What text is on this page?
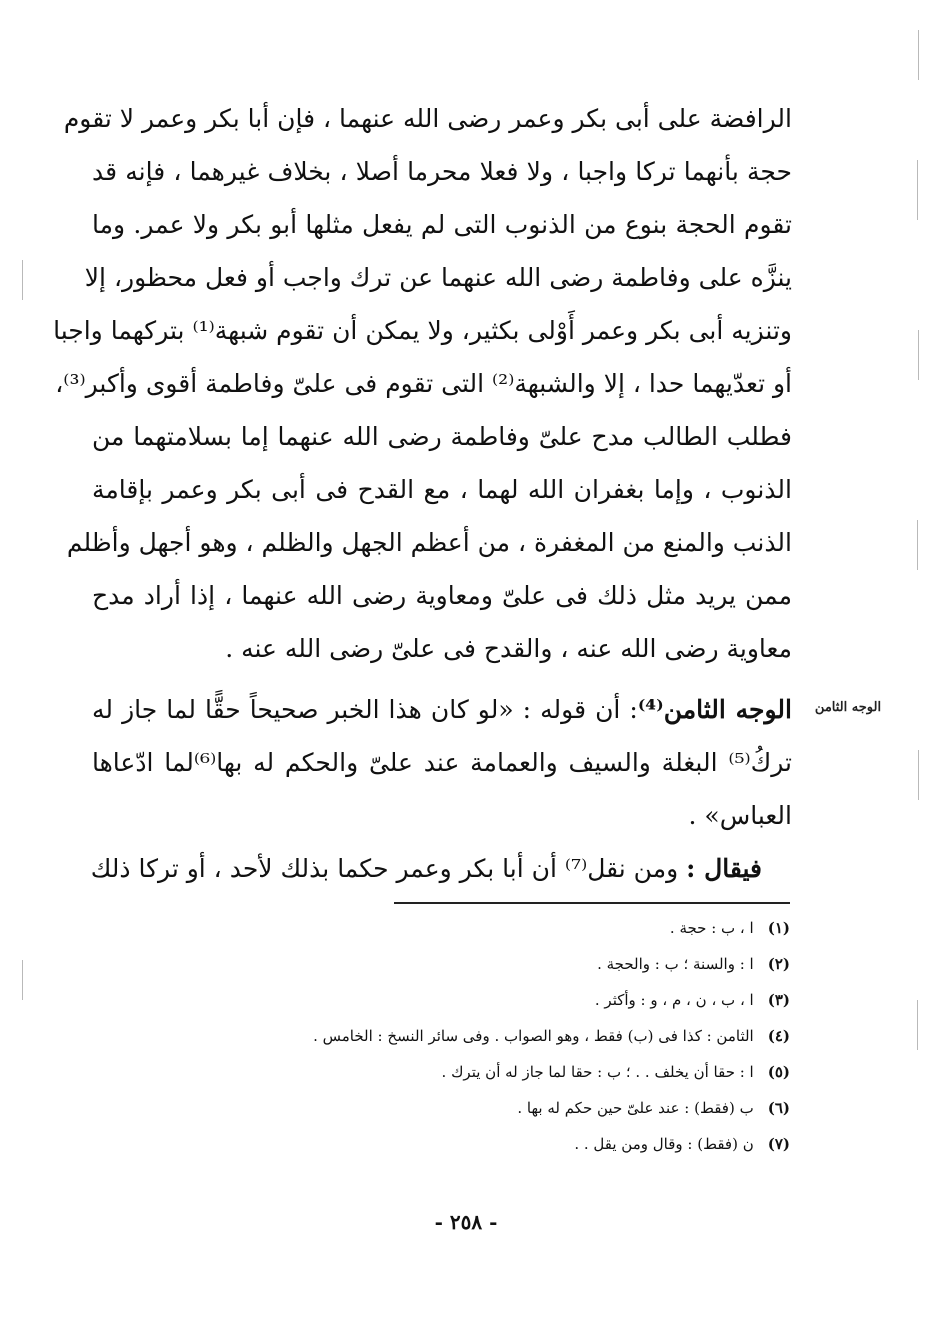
الرافضة على أبى بكر وعمر رضى الله عنهما ، فإن أبا بكر وعمر لا تقوم
حجة بأنهما تركا واجبا ، ولا فعلا محرما أصلا ، بخلاف غيرهما ، فإنه قد
تقوم الحجة بنوع من الذنوب التى لم يفعل مثلها أبو بكر ولا عمر. وما
ينزَّه على وفاطمة رضى الله عنهما عن ترك واجب أو فعل محظور، إلا
وتنزيه أبى بكر وعمر أَوْلى بكثير، ولا يمكن أن تقوم شبهة⁽¹⁾ بتركهما واجبا
أو تعدّيهما حدا ، إلا والشبهة⁽²⁾ التى تقوم فى علىّ وفاطمة أقوى وأكبر⁽³⁾،
فطلب الطالب مدح علىّ وفاطمة رضى الله عنهما إما بسلامتهما من
الذنوب ، وإما بغفران الله لهما ، مع القدح فى أبى بكر وعمر بإقامة
الذنب والمنع من المغفرة ، من أعظم الجهل والظلم ، وهو أجهل وأظلم
ممن يريد مثل ذلك فى علىّ ومعاوية رضى الله عنهما ، إذا أراد مدح
معاوية رضى الله عنه ، والقدح فى علىّ رضى الله عنه .
الوجه الثامن⁽⁴⁾: أن قوله : «لو كان هذا الخبر صحيحاً حقًّا لما جاز له
تركُ⁽⁵⁾ البغلة والسيف والعمامة عند علىّ والحكم له بها⁽⁶⁾لما ادّعاها
العباس» .
فيقال : ومن نقل⁽⁷⁾ أن أبا بكر وعمر حكما بذلك لأحد ، أو تركا ذلك
الوجه الثامن
(١)ا ، ب : حجة .
(٢)ا : والسنة ؛ ب : والحجة .
(٣)ا ، ب ، ن ، م ، و : وأكثر .
(٤)الثامن : كذا فى (ب) فقط ، وهو الصواب . وفى سائر النسخ : الخامس .
(٥)ا : حقا أن يخلف . . ؛ ب : حقا لما جاز له أن يترك .
(٦)ب (فقط) : عند علىّ حين حكم له بها .
(٧)ن (فقط) : وقال ومن يقل . .
- ٢٥٨ -
